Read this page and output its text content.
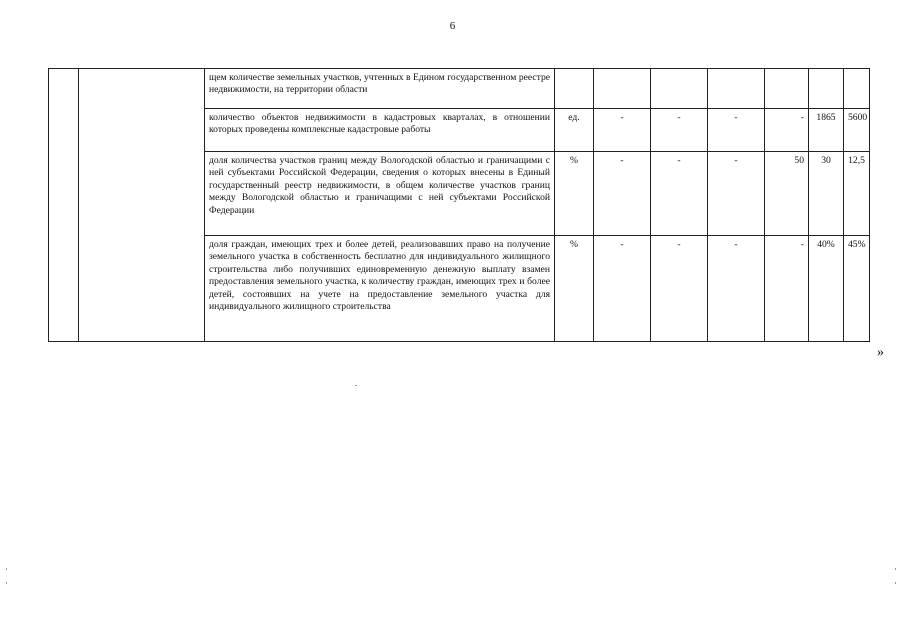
6
		щем количестве земельных участков, учтенных в Едином государственном реестре недвижимости, на территории области							
		количество объектов недвижимости в кадастровых кварталах, в отношении которых проведены комплексные кадастровые работы	ед.	-	-	-	-	1865	5600
		доля количества участков границ между Вологодской областью и граничащими с ней субъектами Российской Федерации, сведения о которых внесены в Единый государственный реестр недвижимости, в общем количестве участков границ между Вологодской областью и граничащими с ней субъектами Российской Федерации	%	-	-	-	50	30	12,5
		доля граждан, имеющих трех и более детей, реализовавших право на получение земельного участка в собственность бесплатно для индивидуального жилищного строительства либо получивших единовременную денежную выплату взамен предоставления земельного участка, к количеству граждан, имеющих трех и более детей, состоявших на учете на предоставление земельного участка для индивидуального жилищного строительства	%	-	-	-	-	40%	45%
»
